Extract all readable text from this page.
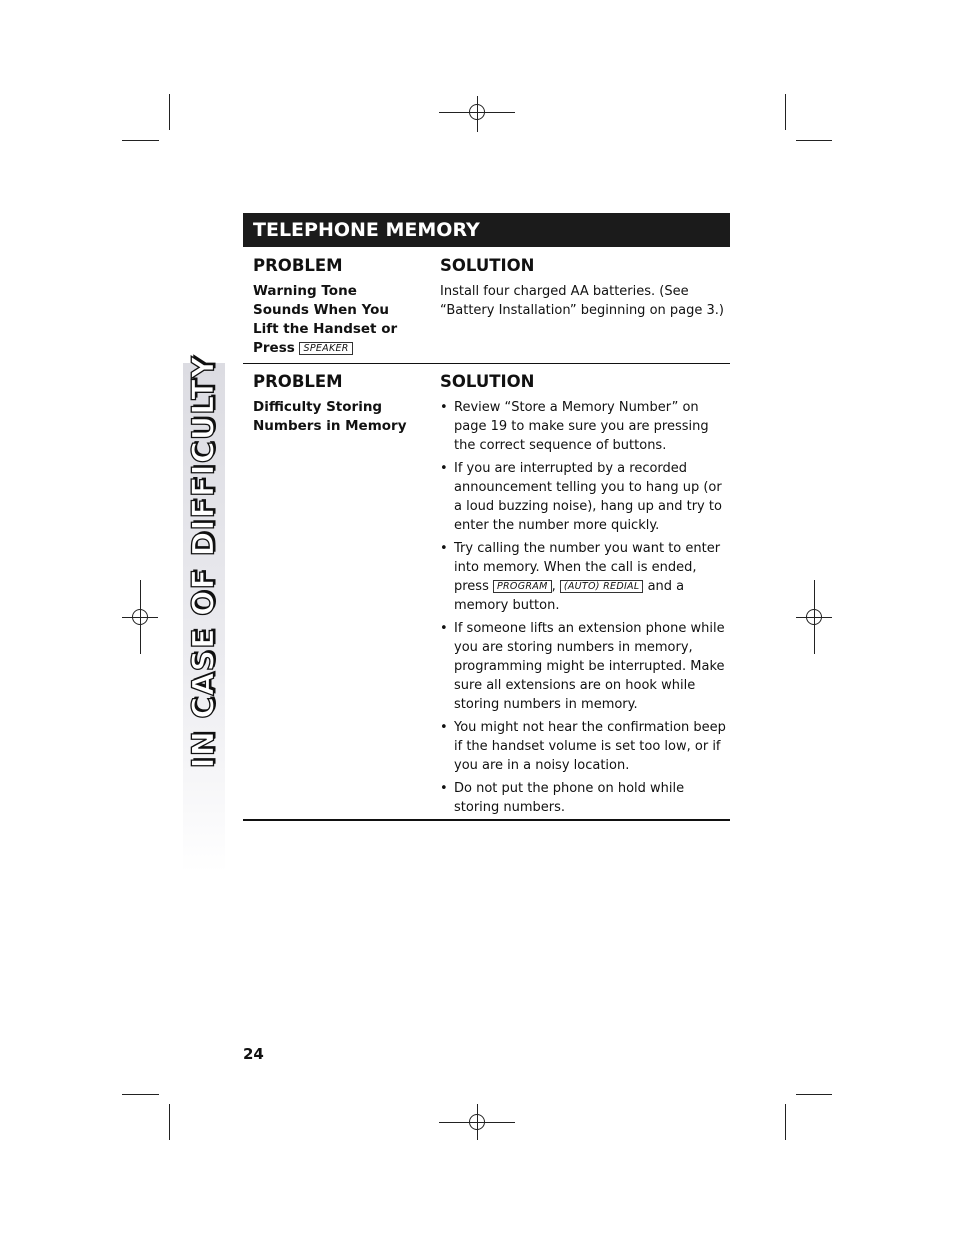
IN CASE OF DIFFICULTY
TELEPHONE MEMORY
PROBLEM	SOLUTION
Warning Tone
Sounds When You
Lift the Handset or
Press SPEAKER
Install four charged AA batteries. (See
“Battery Installation” beginning on page 3.)
PROBLEM	SOLUTION
Difficulty Storing
Numbers in Memory
• Review “Store a Memory Number” on page 19 to make sure you are pressing the correct sequence of buttons.
• If you are interrupted by a recorded announcement telling you to hang up (or a loud buzzing noise), hang up and try to enter the number more quickly.
• Try calling the number you want to enter into memory. When the call is ended, press PROGRAM , (AUTO) REDIAL and a memory button.
• If someone lifts an extension phone while you are storing numbers in memory, programming might be interrupted. Make sure all extensions are on hook while storing numbers in memory.
• You might not hear the confirmation beep if the handset volume is set too low, or if you are in a noisy location.
• Do not put the phone on hold while storing numbers.
24
